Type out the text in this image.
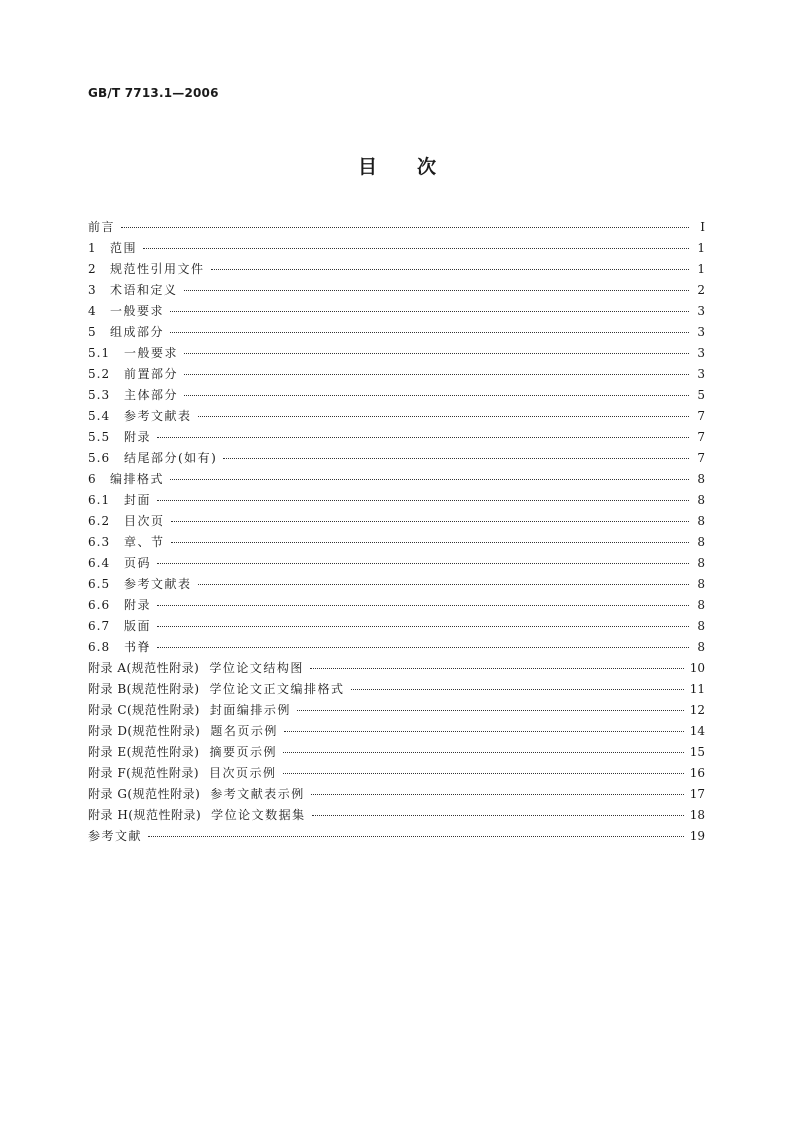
GB/T 7713.1—2006
目次
前言	I
1	范围	1
2	规范性引用文件	1
3	术语和定义	2
4	一般要求	3
5	组成部分	3
5.1	一般要求	3
5.2	前置部分	3
5.3	主体部分	5
5.4	参考文献表	7
5.5	附录	7
5.6	结尾部分(如有)	7
6	编排格式	8
6.1	封面	8
6.2	目次页	8
6.3	章、节	8
6.4	页码	8
6.5	参考文献表	8
6.6	附录	8
6.7	版面	8
6.8	书脊	8
附录 A(规范性附录) 学位论文结构图	10
附录 B(规范性附录) 学位论文正文编排格式	11
附录 C(规范性附录) 封面编排示例	12
附录 D(规范性附录) 题名页示例	14
附录 E(规范性附录) 摘要页示例	15
附录 F(规范性附录) 目次页示例	16
附录 G(规范性附录) 参考文献表示例	17
附录 H(规范性附录) 学位论文数据集	18
参考文献	19
